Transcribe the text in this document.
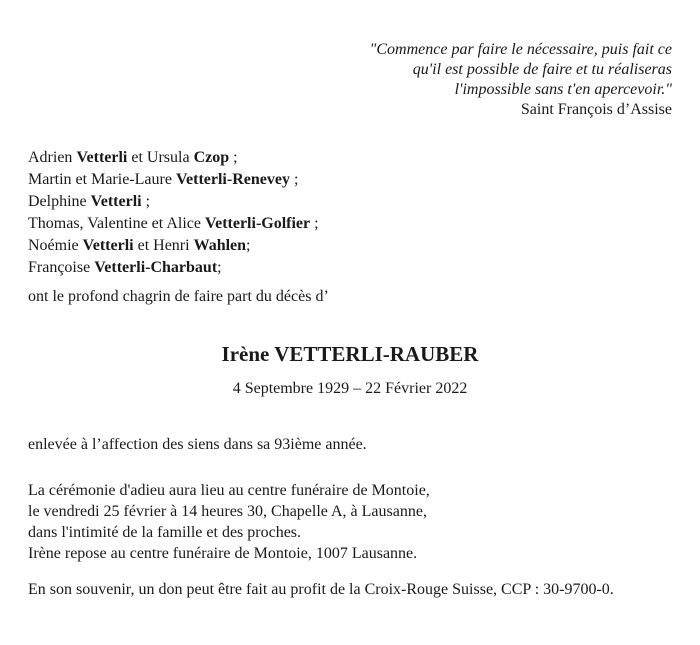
"Commence par faire le nécessaire, puis fait ce
qu'il est possible de faire et tu réaliseras
l'impossible sans t'en apercevoir."
Saint François d’Assise
Adrien Vetterli et Ursula Czop ;
Martin et Marie-Laure Vetterli-Renevey ;
Delphine Vetterli ;
Thomas, Valentine et Alice Vetterli-Golfier ;
Noémie Vetterli et Henri Wahlen;
Françoise Vetterli-Charbaut;

ont le profond chagrin de faire part du décès d’

Irène VETTERLI-RAUBER
4 Septembre 1929 – 22 Février 2022

enlevée à l’affection des siens dans sa 93ième année.

La cérémonie d'adieu aura lieu au centre funéraire de Montoie,
le vendredi 25 février à 14 heures 30, Chapelle A, à Lausanne,
dans l'intimité de la famille et des proches.
Irène repose au centre funéraire de Montoie, 1007 Lausanne.

En son souvenir, un don peut être fait au profit de la Croix-Rouge Suisse, CCP : 30-9700-0.
